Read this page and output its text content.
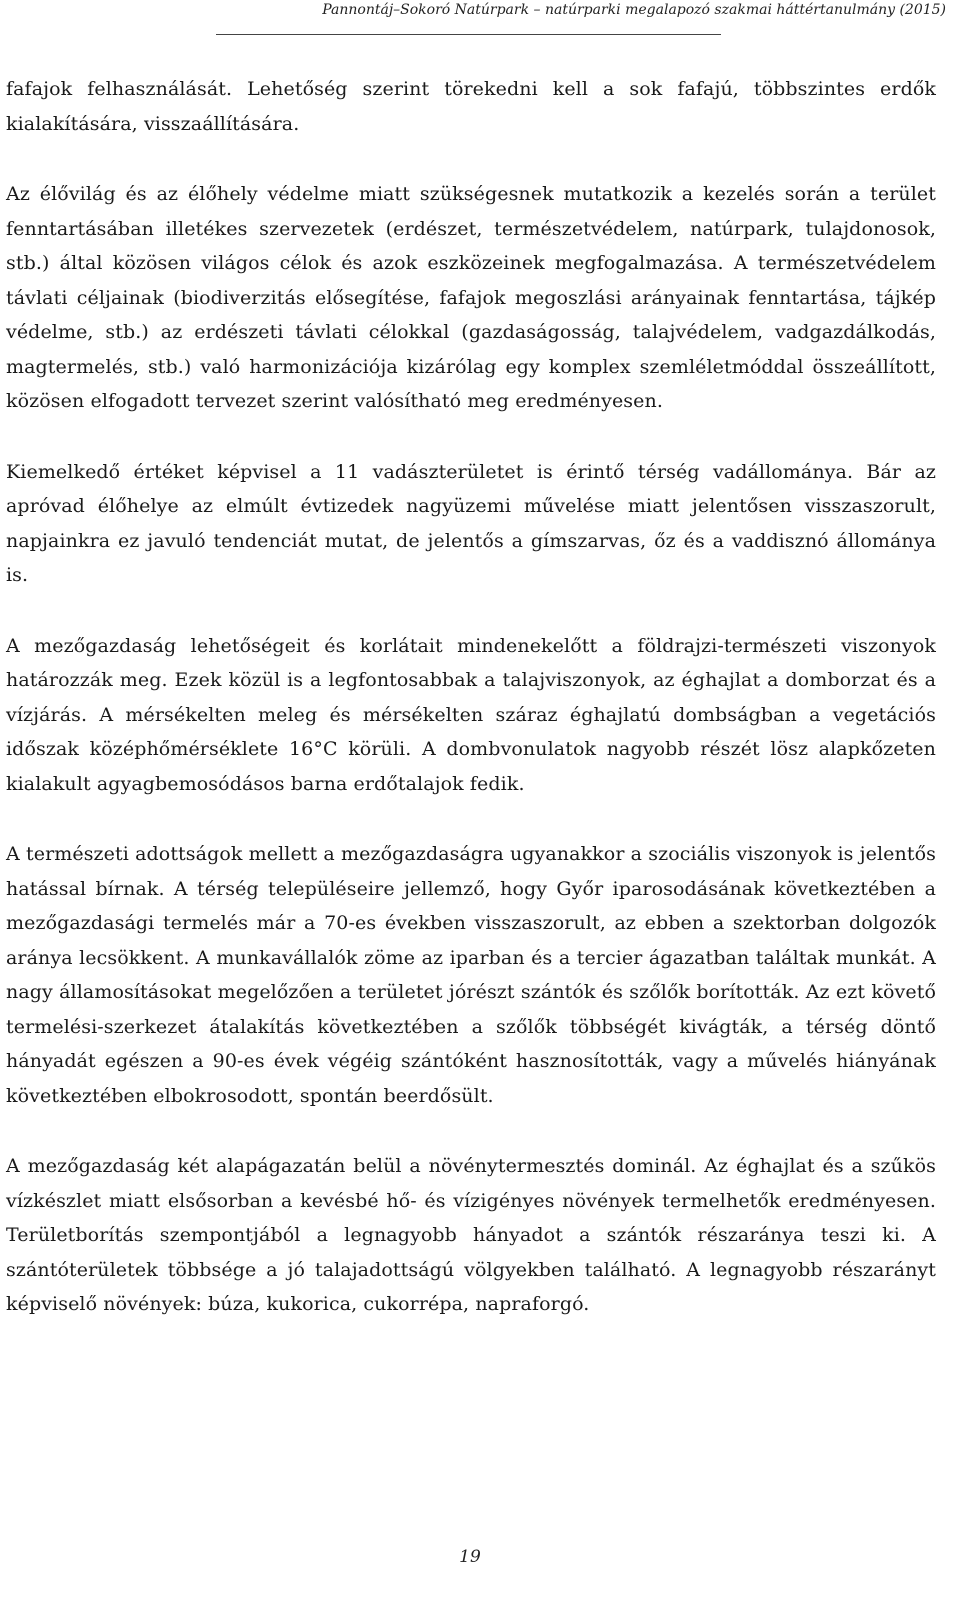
Pannontáj–Sokoró Natúrpark – natúrparki megalapozó szakmai háttértanulmány (2015)

fafajok felhasználását. Lehetőség szerint törekedni kell a sok fafajú, többszintes erdők kialakítására, visszaállítására.

Az élővilág és az élőhely védelme miatt szükségesnek mutatkozik a kezelés során a terület fenntartásában illetékes szervezetek (erdészet, természetvédelem, natúrpark, tulajdonosok, stb.) által közösen világos célok és azok eszközeinek megfogalmazása. A természetvédelem távlati céljainak (biodiverzitás elősegítése, fafajok megoszlási arányainak fenntartása, tájkép védelme, stb.) az erdészeti távlati célokkal (gazdaságosság, talajvédelem, vadgazdálkodás, magtermelés, stb.) való harmonizációja kizárólag egy komplex szemléletmóddal összeállított, közösen elfogadott tervezet szerint valósítható meg eredményesen.

Kiemelkedő értéket képvisel a 11 vadászterületet is érintő térség vadállománya. Bár az apróvad élőhelye az elmúlt évtizedek nagyüzemi művelése miatt jelentősen visszaszorult, napjainkra ez javuló tendenciát mutat, de jelentős a gímszarvas, őz és a vaddisznó állománya is.

A mezőgazdaság lehetőségeit és korlátait mindenekelőtt a földrajzi-természeti viszonyok határozzák meg. Ezek közül is a legfontosabbak a talajviszonyok, az éghajlat a domborzat és a vízjárás. A mérsékelten meleg és mérsékelten száraz éghajlatú dombságban a vegetációs időszak középhőmérséklete 16°C körüli. A dombvonulatok nagyobb részét lösz alapkőzeten kialakult agyagbemosódásos barna erdőtalajok fedik.

A természeti adottságok mellett a mezőgazdaságra ugyanakkor a szociális viszonyok is jelentős hatással bírnak. A térség településeire jellemző, hogy Győr iparosodásának következtében a mezőgazdasági termelés már a 70-es években visszaszorult, az ebben a szektorban dolgozók aránya lecsökkent. A munkavállalók zöme az iparban és a tercier ágazatban találtak munkát. A nagy államosításokat megelőzően a területet jórészt szántók és szőlők borították. Az ezt követő termelési-szerkezet átalakítás következtében a szőlők többségét kivágták, a térség döntő hányadát egészen a 90-es évek végéig szántóként hasznosították, vagy a művelés hiányának következtében elbokrosodott, spontán beerdősült.

A mezőgazdaság két alapágazatán belül a növénytermesztés dominál. Az éghajlat és a szűkös vízkészlet miatt elsősorban a kevésbé hő- és vízigényes növények termelhetők eredményesen. Területborítás szempontjából a legnagyobb hányadot a szántók részaránya teszi ki. A szántóterületek többsége a jó talajadottságú völgyekben található. A legnagyobb részarányt képviselő növények: búza, kukorica, cukorrépa, napraforgó.

19
